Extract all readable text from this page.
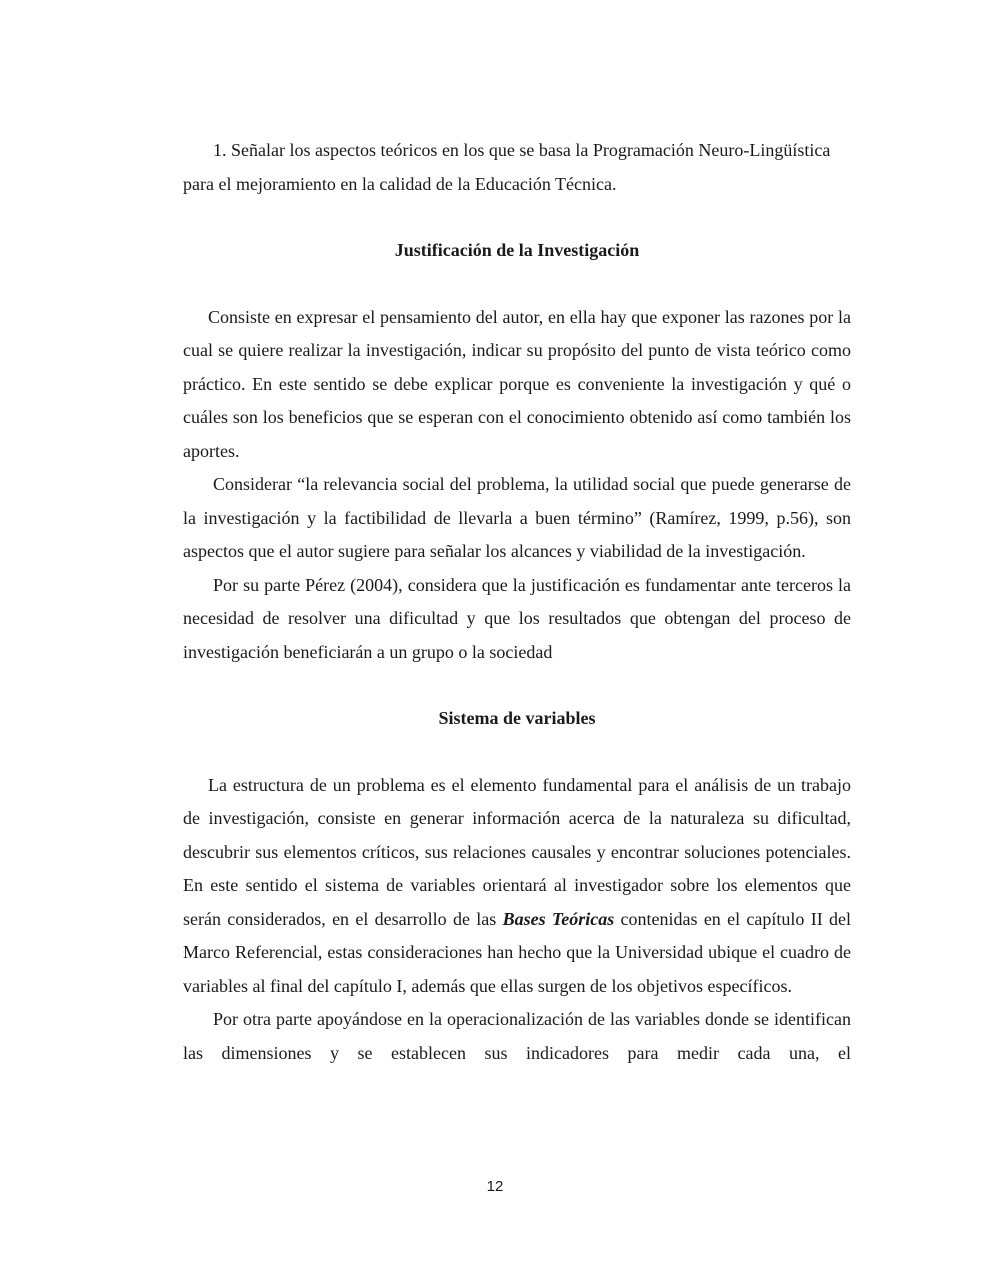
1. Señalar los aspectos teóricos en los que se basa la Programación Neuro-Lingüística para el mejoramiento en la calidad de la Educación Técnica.

Justificación de la Investigación

Consiste en expresar el pensamiento del autor, en ella hay que exponer las razones por la cual se quiere realizar la investigación, indicar su propósito del punto de vista teórico como práctico. En este sentido se debe explicar porque es conveniente la investigación y qué o cuáles son los beneficios que se esperan con el conocimiento obtenido así como también los aportes.

Considerar “la relevancia social del problema, la utilidad social que puede generarse de la investigación y la factibilidad de llevarla a buen término” (Ramírez, 1999, p.56), son aspectos que el autor sugiere para señalar los alcances y viabilidad de la investigación.

Por su parte Pérez (2004), considera que la justificación es fundamentar ante terceros la necesidad de resolver una dificultad y que los resultados que obtengan del proceso de investigación beneficiarán a un grupo o la sociedad

Sistema de variables

La estructura de un problema es el elemento fundamental para el análisis de un trabajo de investigación, consiste en generar información acerca de la naturaleza su dificultad, descubrir sus elementos críticos, sus relaciones causales y encontrar soluciones potenciales. En este sentido el sistema de variables orientará al investigador sobre los elementos que serán considerados, en el desarrollo de las Bases Teóricas contenidas en el capítulo II del Marco Referencial, estas consideraciones han hecho que la Universidad ubique el cuadro de variables al final del capítulo I, además que ellas surgen de los objetivos específicos.

Por otra parte apoyándose en la operacionalización de las variables donde se identifican las dimensiones y se establecen sus indicadores para medir cada una, el

12
